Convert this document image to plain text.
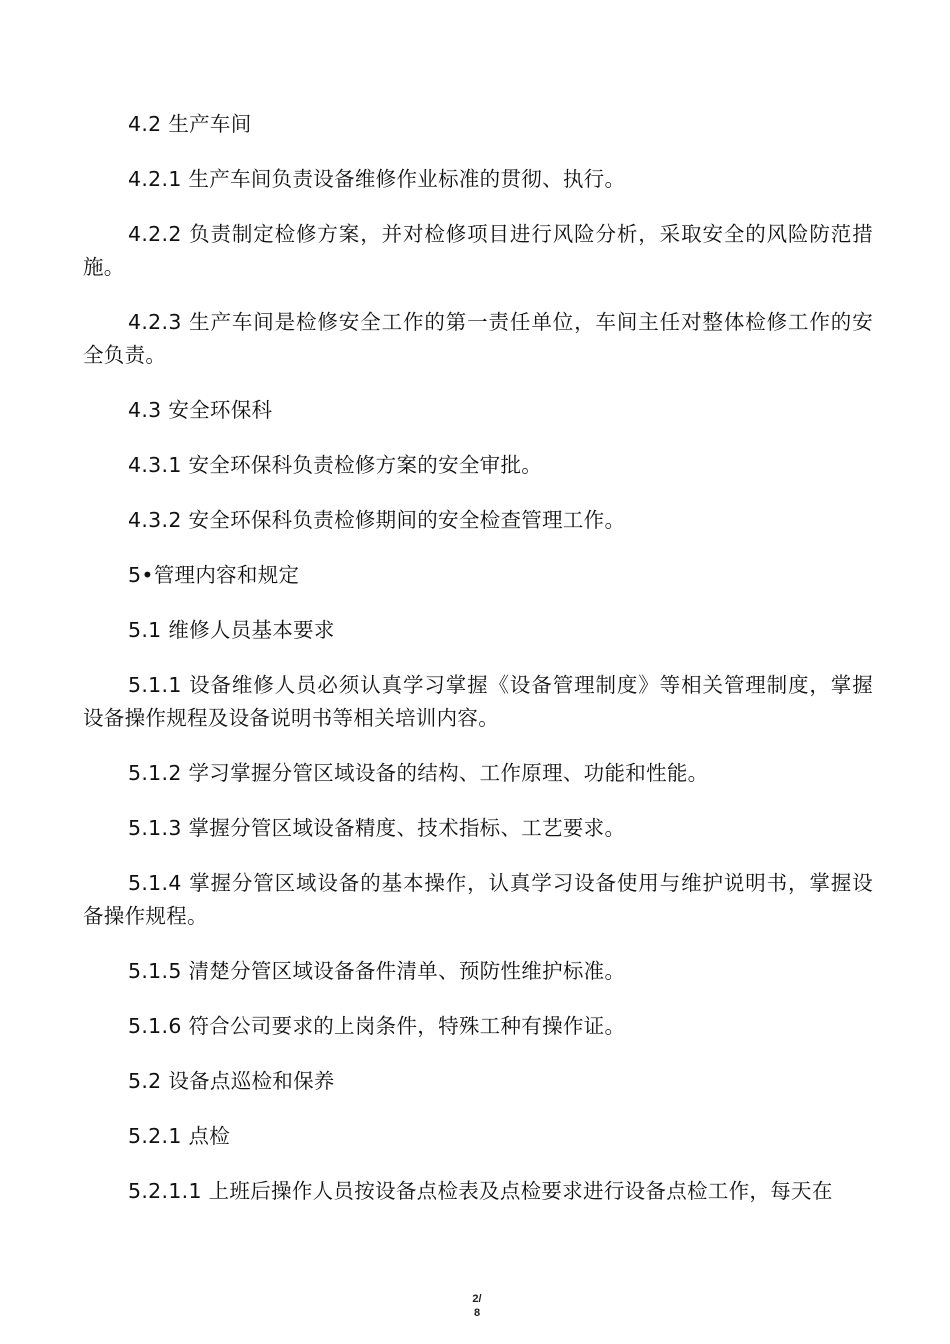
4.2 生产车间

4.2.1 生产车间负责设备维修作业标准的贯彻、执行。

4.2.2 负责制定检修方案，并对检修项目进行风险分析，采取安全的风险防范措施。

4.2.3 生产车间是检修安全工作的第一责任单位，车间主任对整体检修工作的安全负责。

4.3 安全环保科

4.3.1 安全环保科负责检修方案的安全审批。

4.3.2 安全环保科负责检修期间的安全检查管理工作。

5•管理内容和规定

5.1 维修人员基本要求

5.1.1 设备维修人员必须认真学习掌握《设备管理制度》等相关管理制度，掌握设备操作规程及设备说明书等相关培训内容。

5.1.2 学习掌握分管区域设备的结构、工作原理、功能和性能。

5.1.3 掌握分管区域设备精度、技术指标、工艺要求。

5.1.4 掌握分管区域设备的基本操作，认真学习设备使用与维护说明书，掌握设备操作规程。

5.1.5 清楚分管区域设备备件清单、预防性维护标准。

5.1.6 符合公司要求的上岗条件，特殊工种有操作证。

5.2 设备点巡检和保养

5.2.1 点检

5.2.1.1 上班后操作人员按设备点检表及点检要求进行设备点检工作，每天在

2/
8
